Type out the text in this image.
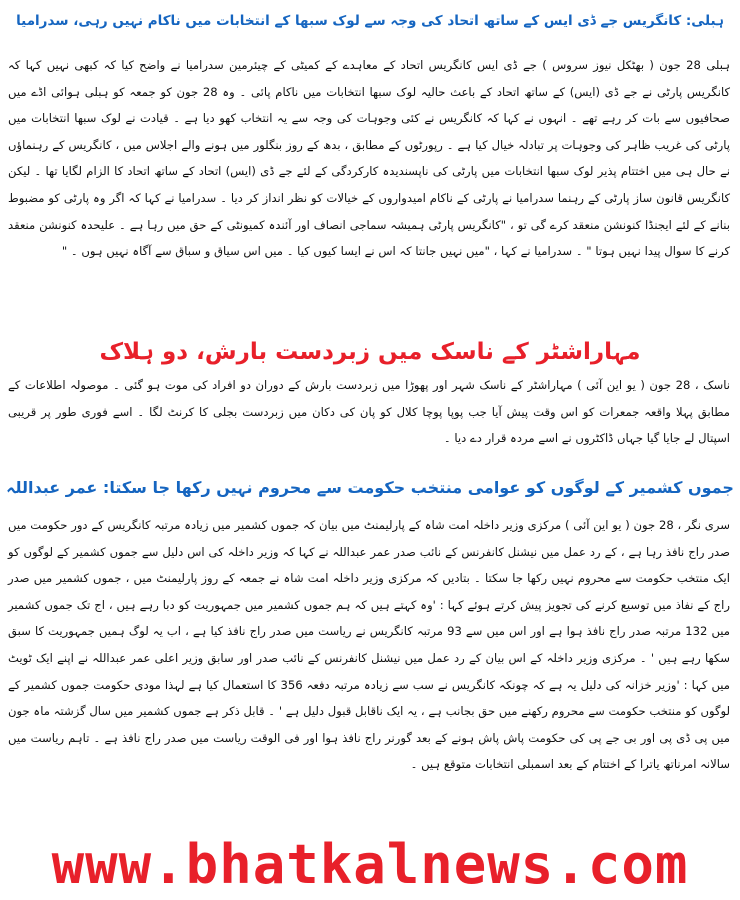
ہبلی: کانگریس جے ڈی ایس کے ساتھ اتحاد کی وجہ سے لوک سبھا کے انتخابات میں ناکام نہیں رہی، سدرامیا
ہبلی 28 جون ( بھٹکل نیوز سروس ) جے ڈی ایس کانگریس اتحاد کے معاہدے کے کمیٹی کے چیئرمین سدرامیا نے واضح کیا کہ کبھی نہیں کہا کہ کانگریس پارٹی نے جے ڈی (ایس) کے ساتھ اتحاد کے باعث حالیہ لوک سبھا انتخابات میں ناکام پائی ۔ وہ 28 جون کو جمعہ کو ہبلی ہوائی اڈے میں صحافیوں سے بات کر رہے تھے ۔ انہوں نے کہا کہ کانگریس نے کئی وجوہات کی وجہ سے یہ انتخاب کھو دیا ہے ۔ قیادت نے لوک سبھا انتخابات میں پارٹی کی غریب ظاہر کی وجوہات پر تبادلہ خیال کیا ہے ۔ رپورٹوں کے مطابق ، بدھ کے روز بنگلور میں ہونے والے اجلاس میں ، کانگریس کے رہنماؤں نے حال ہی میں اختتام پذیر لوک سبھا انتخابات میں پارٹی کی ناپسندیدہ کارکردگی کے لئے جے ڈی (ایس) اتحاد کے ساتھ اتحاد کا الزام لگایا تھا ۔ لیکن کانگریس قانون ساز پارٹی کے رہنما سدرامیا نے پارٹی کے ناکام امیدواروں کے خیالات کو نظر انداز کر دیا ۔ سدرامیا نے کہا کہ اگر وہ پارٹی کو مضبوط بنانے کے لئے ایجنڈا کنونشن منعقد کرے گی تو ، "کانگریس پارٹی ہمیشہ سماجی انصاف اور آئندہ کمیونٹی کے حق میں رہا ہے ۔ علیحدہ کنونشن منعقد کرنے کا سوال پیدا نہیں ہوتا " ۔ سدرامیا نے کہا ، "میں نہیں جانتا کہ اس نے ایسا کیوں کیا ۔ میں اس سیاق و سباق سے آگاہ نہیں ہوں ۔ "
مہاراشٹر کے ناسک میں زبردست بارش، دو ہلاک
ناسک ، 28 جون ( یو این آئی ) مہاراشٹر کے ناسک شہر اور پھوڑا میں زبردست بارش کے دوران دو افراد کی موت ہو گئی ۔ موصولہ اطلاعات کے مطابق پہلا واقعہ جمعرات کو اس وقت پیش آیا جب پوپا پوچا کلال کو پان کی دکان میں زبردست بجلی کا کرنٹ لگا ۔ اسے فوری طور پر قریبی اسپتال لے جایا گیا جہاں ڈاکٹروں نے اسے مردہ قرار دے دیا ۔
جموں کشمیر کے لوگوں کو عوامی منتخب حکومت سے محروم نہیں رکھا جا سکتا: عمر عبداللہ
سری نگر ، 28 جون ( یو این آئی ) مرکزی وزیر داخلہ امت شاہ کے پارلیمنٹ میں بیان کہ جموں کشمیر میں زیادہ مرتبہ کانگریس کے دور حکومت میں صدر راج نافذ رہا ہے ، کے رد عمل میں نیشنل کانفرنس کے نائب صدر عمر عبداللہ نے کہا کہ وزیر داخلہ کی اس دلیل سے جموں کشمیر کے لوگوں کو ایک منتخب حکومت سے محروم نہیں رکھا جا سکتا ۔ بتادیں کہ مرکزی وزیر داخلہ امت شاہ نے جمعہ کے روز پارلیمنٹ میں ، جموں کشمیر میں صدر راج کے نفاذ میں توسیع کرنے کی تجویز پیش کرتے ہوئے کہا : 'وہ کہتے ہیں کہ ہم جموں کشمیر میں جمہوریت کو دبا رہے ہیں ، اج تک جموں کشمیر میں 132 مرتبہ صدر راج نافذ ہوا ہے اور اس میں سے 93 مرتبہ کانگریس نے ریاست میں صدر راج نافذ کیا ہے ، اب یہ لوگ ہمیں جمہوریت کا سبق سکھا رہے ہیں ' ۔ مرکزی وزیر داخلہ کے اس بیان کے رد عمل میں نیشنل کانفرنس کے نائب صدر اور سابق وزیر اعلی عمر عبداللہ نے اپنے ایک ٹویٹ میں کہا : 'وزیر خزانہ کی دلیل یہ ہے کہ چونکہ کانگریس نے سب سے زیادہ مرتبہ دفعہ 356 کا استعمال کیا ہے لہذا مودی حکومت جموں کشمیر کے لوگوں کو منتخب حکومت سے محروم رکھنے میں حق بجانب ہے ، یہ ایک ناقابل قبول دلیل ہے ' ۔ قابل ذکر ہے جموں کشمیر میں سال گزشتہ ماہ جون میں پی ڈی پی اور بی جے پی کی حکومت پاش پاش ہونے کے بعد گورنر راج نافذ ہوا اور فی الوقت ریاست میں صدر راج نافذ ہے ۔ تاہم ریاست میں سالانہ امرناتھ یاترا کے اختتام کے بعد اسمبلی انتخابات متوقع ہیں ۔
www.bhatkalnews.com
